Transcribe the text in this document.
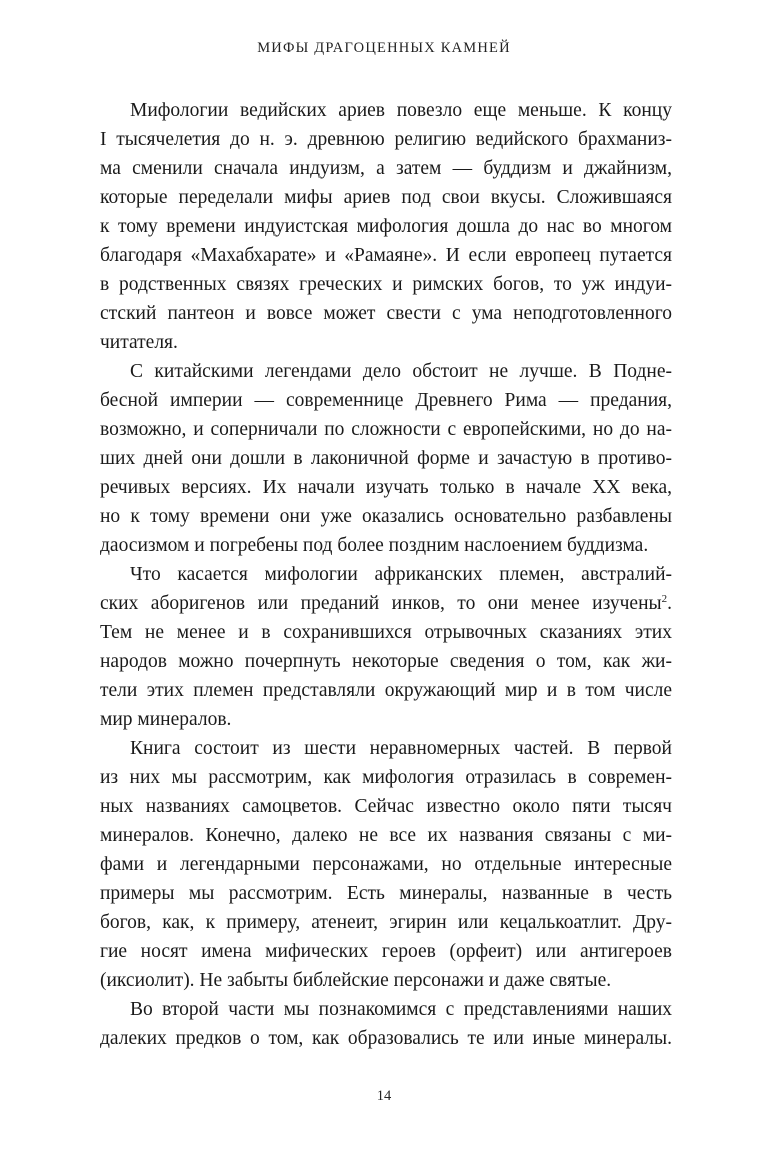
МИФЫ ДРАГОЦЕННЫХ КАМНЕЙ
Мифологии ведийских ариев повезло еще меньше. К концу
I тысячелетия до н. э. древнюю религию ведийского брахманиз-
ма сменили сначала индуизм, а затем — буддизм и джайнизм,
которые переделали мифы ариев под свои вкусы. Сложившаяся
к тому времени индуистская мифология дошла до нас во многом
благодаря «Махабхарате» и «Рамаяне». И если европеец путается
в родственных связях греческих и римских богов, то уж индуи-
стский пантеон и вовсе может свести с ума неподготовленного
читателя.
С китайскими легендами дело обстоит не лучше. В Подне-
бесной империи — современнице Древнего Рима — предания,
возможно, и соперничали по сложности с европейскими, но до на-
ших дней они дошли в лаконичной форме и зачастую в противо-
речивых версиях. Их начали изучать только в начале XX века,
но к тому времени они уже оказались основательно разбавлены
даосизмом и погребены под более поздним наслоением буддизма.
Что касается мифологии африканских племен, австралий-
ских аборигенов или преданий инков, то они менее изучены$^2$.
Тем не менее и в сохранившихся отрывочных сказаниях этих
народов можно почерпнуть некоторые сведения о том, как жи-
тели этих племен представляли окружающий мир и в том числе
мир минералов.
Книга состоит из шести неравномерных частей. В первой
из них мы рассмотрим, как мифология отразилась в современ-
ных названиях самоцветов. Сейчас известно около пяти тысяч
минералов. Конечно, далеко не все их названия связаны с ми-
фами и легендарными персонажами, но отдельные интересные
примеры мы рассмотрим. Есть минералы, названные в честь
богов, как, к примеру, атенеит, эгирин или кецалькоатлит. Дру-
гие носят имена мифических героев (орфеит) или антигероев
(иксиолит). Не забыты библейские персонажи и даже святые.
Во второй части мы познакомимся с представлениями наших
далеких предков о том, как образовались те или иные минералы.
14
